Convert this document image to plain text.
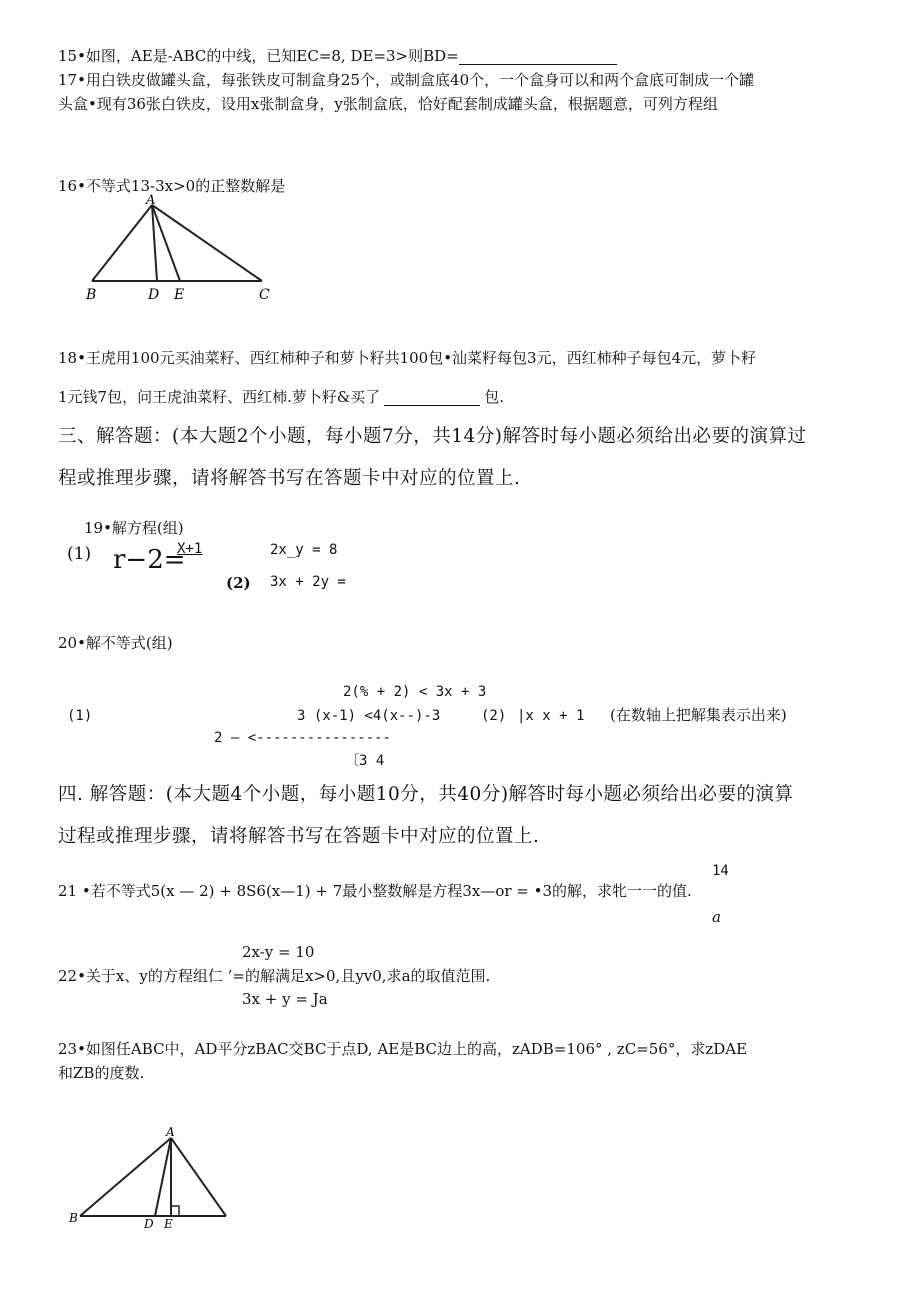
15•如图，AE是-ABC的中线，已知EC=8, DE=3>则BD=
17•用白铁皮做罐头盒，每张铁皮可制盒身25个，或制盒底40个，一个盒身可以和两个盒底可制成一个罐
头盒•现有36张白铁皮，设用x张制盒身，y张制盒底，恰好配套制成罐头盒，根据题意，可列方程组
16•不等式13-3x>0的正整数解是
A
B	D E	C
18•王虎用100元买油菜籽、西红柿种子和萝卜籽共100包•汕菜籽每包3元，西红柿种子每包4元，萝卜籽
1元钱7包，问王虎油菜籽、西红柿.萝卜籽&买了	包.
三、解答题：(本大题2个小题，每小题7分，共14分)解答时每小题必须给出必要的演算过
程或推理步骤，请将解答书写在答题卡中对应的位置上.
19•解方程(组)
(1) r−2=
X+1
(2)
2x_y = 8
3x + 2y =
20•解不等式(组)
2(% + 2) < 3x + 3
(1)	3 (x-1) <4(x--)-3	(2) |x x + 1 (在数轴上把解集表示出来)
2 — <----------------
〔3 4
四. 解答题：(本大题4个小题，每小题10分，共40分)解答时每小题必须给出必要的演算
过程或推理步骤，请将解答书写在答题卡中对应的位置上.
14
21 •若不等式5(x — 2) + 8S6(x—1) + 7最小整数解是方程3x—or = •3的解，求牝一一的值.
a
2x-y = 10
22•关于x、y的方程组仁 ’=的解满足x>0,且yv0,求a的取值范围.
3x + y = Ja
23•如图任ABC中，AD平分zBAC交BC于点D, AE是BC边上的高，zADB=106° , zC=56°，求zDAE
和ZB的度数.
A
B	D E
